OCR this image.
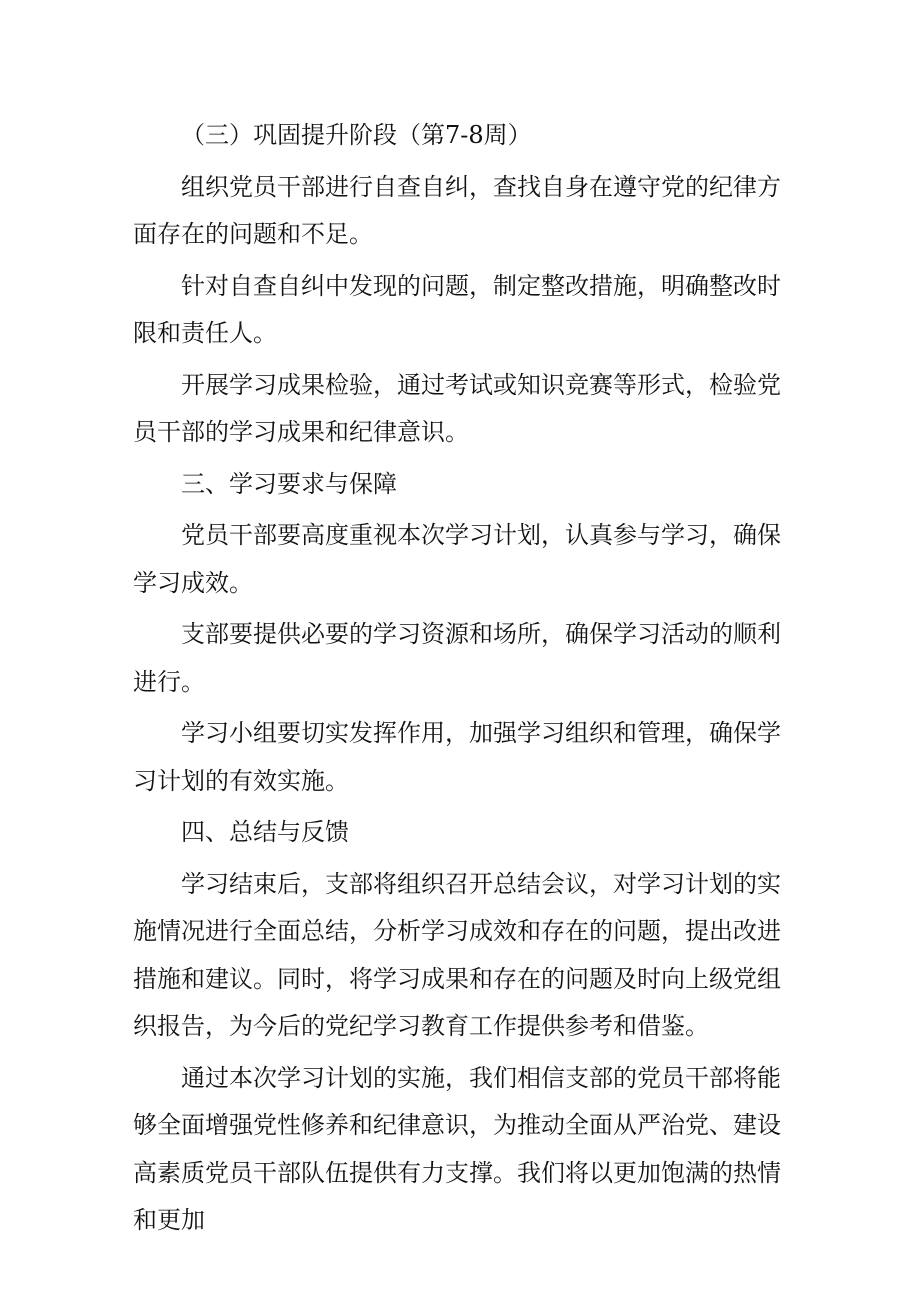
（三）巩固提升阶段（第7-8周）

组织党员干部进行自查自纠，查找自身在遵守党的纪律方面存在的问题和不足。

针对自查自纠中发现的问题，制定整改措施，明确整改时限和责任人。

开展学习成果检验，通过考试或知识竞赛等形式，检验党员干部的学习成果和纪律意识。

三、学习要求与保障

党员干部要高度重视本次学习计划，认真参与学习，确保学习成效。

支部要提供必要的学习资源和场所，确保学习活动的顺利进行。

学习小组要切实发挥作用，加强学习组织和管理，确保学习计划的有效实施。

四、总结与反馈

学习结束后，支部将组织召开总结会议，对学习计划的实施情况进行全面总结，分析学习成效和存在的问题，提出改进措施和建议。同时，将学习成果和存在的问题及时向上级党组织报告，为今后的党纪学习教育工作提供参考和借鉴。

通过本次学习计划的实施，我们相信支部的党员干部将能够全面增强党性修养和纪律意识，为推动全面从严治党、建设高素质党员干部队伍提供有力支撑。我们将以更加饱满的热情和更加
